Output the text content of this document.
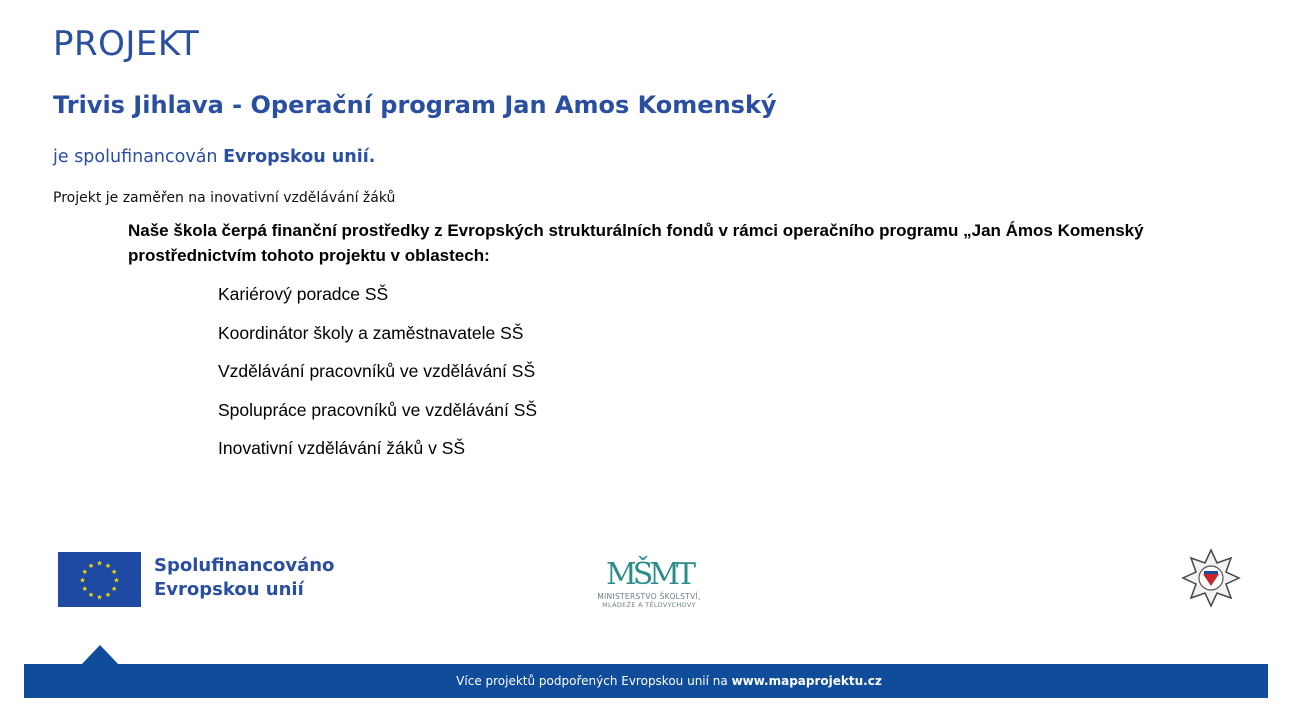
PROJEKT
Trivis Jihlava - Operační program Jan Amos Komenský
je spolufinancován Evropskou unií.
Projekt je zaměřen na inovativní vzdělávání žáků
Naše škola čerpá finanční prostředky z Evropských strukturálních fondů v rámci operačního programu „Jan Ámos Komenský
prostřednictvím tohoto projektu v oblastech:
Kariérový poradce SŠ
Koordinátor školy a zaměstnavatele SŠ
Vzdělávání pracovníků ve vzdělávání SŠ
Spolupráce pracovníků ve vzdělávání SŠ
Inovativní vzdělávání žáků v SŠ
★ ★
★
★
★
★
★
★
★
★
★
★	Spolufinancováno
Evropskou unií	MŠMT
MINISTERSTVO ŠKOLSTVÍ,
MLÁDEŽE A TĚLOVÝCHOVY
Více projektů podpořených Evropskou unií na www.mapaprojektu.cz
